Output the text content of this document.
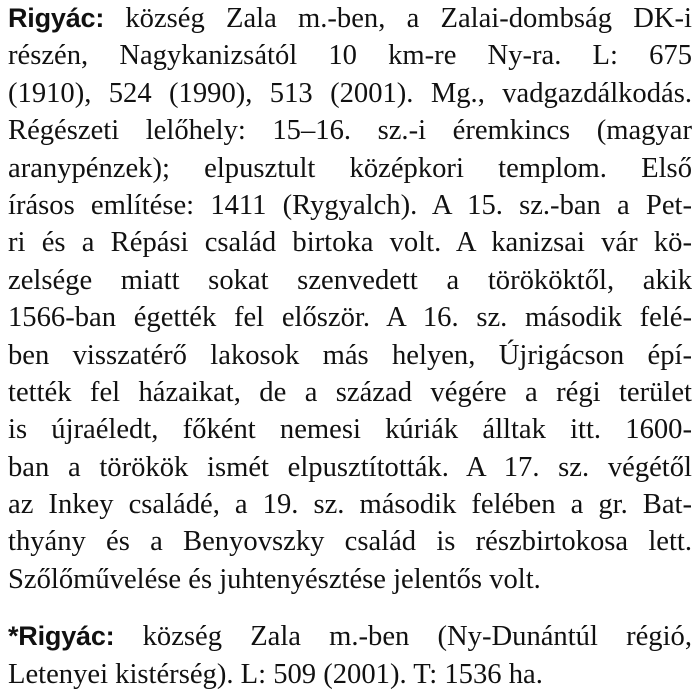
Rigyác: község Zala m.-ben, a Zalai-dombság DK-i
részén, Nagykanizsától 10 km-re Ny-ra. L: 675
(1910), 524 (1990), 513 (2001). Mg., vadgazdálkodás.
Régészeti lelőhely: 15–16. sz.-i éremkincs (magyar
aranypénzek); elpusztult középkori templom. Első
írásos említése: 1411 (Rygyalch). A 15. sz.-ban a Pet-
ri és a Répási család birtoka volt. A kanizsai vár kö-
zelsége miatt sokat szenvedett a törököktől, akik
1566-ban égették fel először. A 16. sz. második felé-
ben visszatérő lakosok más helyen, Újrigácson épí-
tették fel házaikat, de a század végére a régi terület
is újraéledt, főként nemesi kúriák álltak itt. 1600-
ban a törökök ismét elpusztították. A 17. sz. végétől
az Inkey családé, a 19. sz. második felében a gr. Bat-
thyány és a Benyovszky család is részbirtokosa lett.
Szőlőművelése és juhtenyésztése jelentős volt.
*Rigyác: község Zala m.-ben (Ny-Dunántúl régió,
Letenyei kistérség). L: 509 (2001). T: 1536 ha.
